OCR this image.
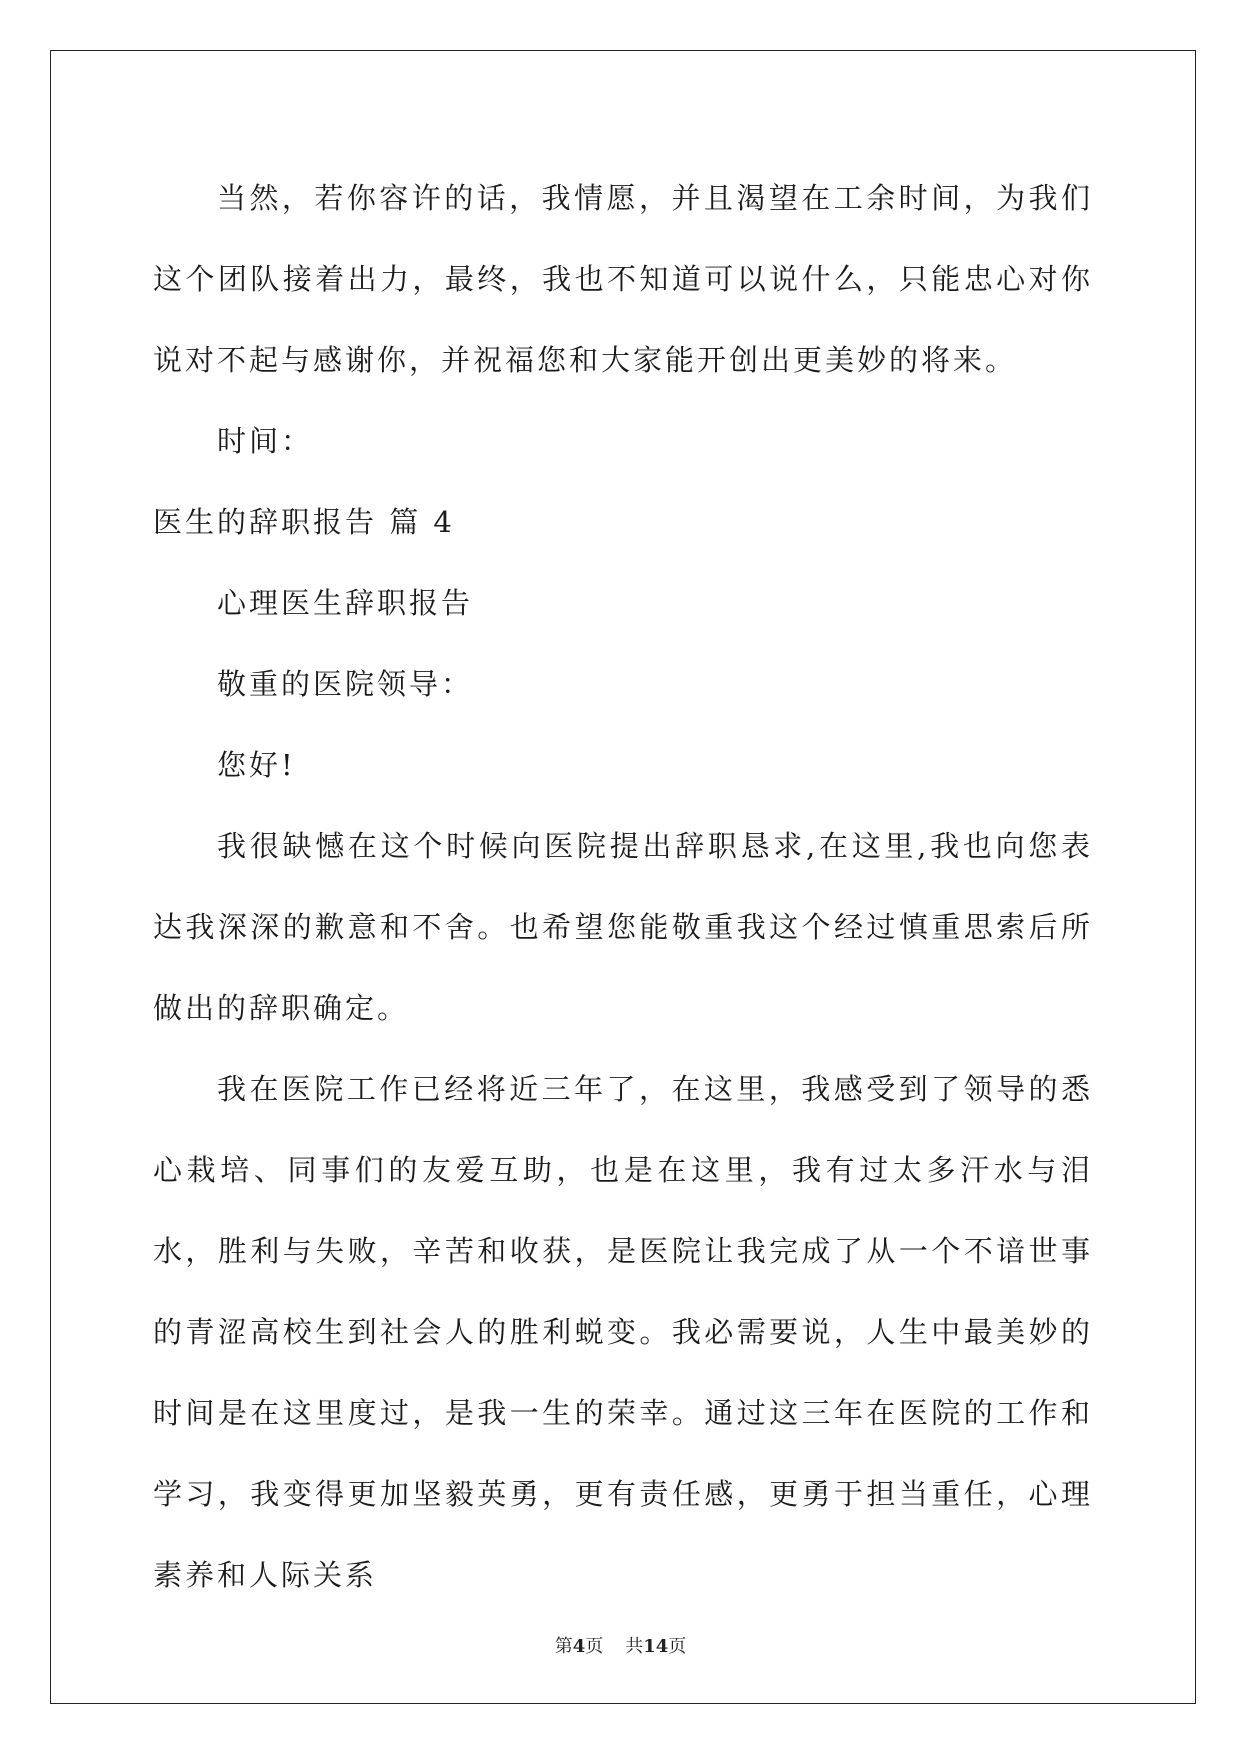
当然，若你容许的话，我情愿，并且渴望在工余时间，为我们这个团队接着出力，最终，我也不知道可以说什么，只能忠心对你说对不起与感谢你，并祝福您和大家能开创出更美妙的将来。

时间：

医生的辞职报告 篇 4

心理医生辞职报告

敬重的医院领导：

您好!

我很缺憾在这个时候向医院提出辞职恳求,在这里,我也向您表达我深深的歉意和不舍。也希望您能敬重我这个经过慎重思索后所做出的辞职确定。

我在医院工作已经将近三年了，在这里，我感受到了领导的悉心栽培、同事们的友爱互助，也是在这里，我有过太多汗水与泪水，胜利与失败，辛苦和收获，是医院让我完成了从一个不谙世事的青涩高校生到社会人的胜利蜕变。我必需要说，人生中最美妙的时间是在这里度过，是我一生的荣幸。通过这三年在医院的工作和学习，我变得更加坚毅英勇，更有责任感，更勇于担当重任，心理素养和人际关系

第4页 共14页
